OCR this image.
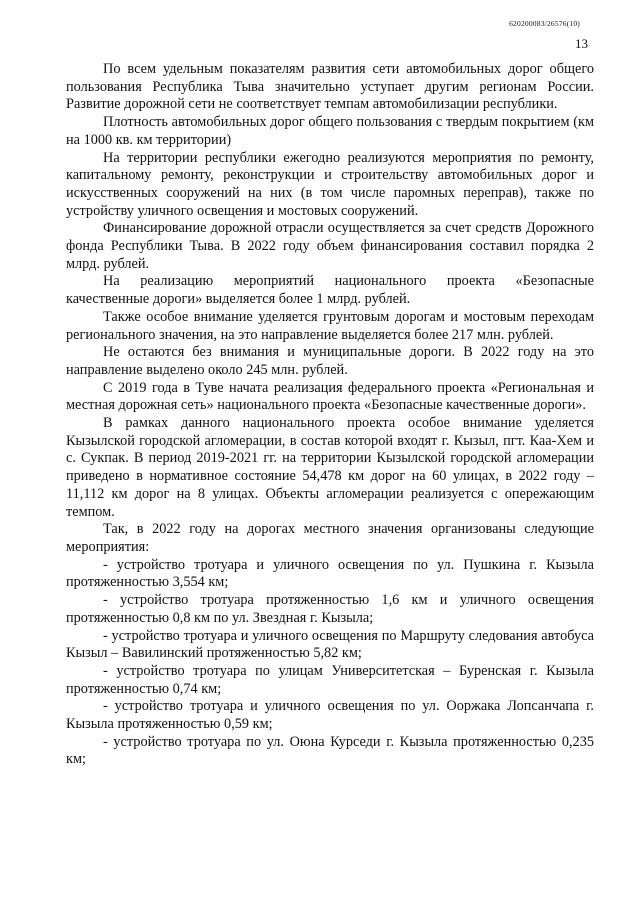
620200083/26576(10)
13

По всем удельным показателям развития сети автомобильных дорог общего пользования Республика Тыва значительно уступает другим регионам России. Развитие дорожной сети не соответствует темпам автомобилизации республики.

Плотность автомобильных дорог общего пользования с твердым покрытием (км на 1000 кв. км территории)

На территории республики ежегодно реализуются мероприятия по ремонту, капитальному ремонту, реконструкции и строительству автомобильных дорог и искусственных сооружений на них (в том числе паромных переправ), также по устройству уличного освещения и мостовых сооружений.

Финансирование дорожной отрасли осуществляется за счет средств Дорожного фонда Республики Тыва. В 2022 году объем финансирования составил порядка 2 млрд. рублей.

На реализацию мероприятий национального проекта «Безопасные качественные дороги» выделяется более 1 млрд. рублей.

Также особое внимание уделяется грунтовым дорогам и мостовым переходам регионального значения, на это направление выделяется более 217 млн. рублей.

Не остаются без внимания и муниципальные дороги. В 2022 году на это направление выделено около 245 млн. рублей.

С 2019 года в Туве начата реализация федерального проекта «Региональная и местная дорожная сеть» национального проекта «Безопасные качественные дороги».

В рамках данного национального проекта особое внимание уделяется Кызылской городской агломерации, в состав которой входят г. Кызыл, пгт. Каа-Хем и с. Сукпак. В период 2019-2021 гг. на территории Кызылской городской агломерации приведено в нормативное состояние 54,478 км дорог на 60 улицах, в 2022 году – 11,112 км дорог на 8 улицах. Объекты агломерации реализуется с опережающим темпом.

Так, в 2022 году на дорогах местного значения организованы следующие мероприятия:

- устройство тротуара и уличного освещения по ул. Пушкина г. Кызыла протяженностью 3,554 км;

- устройство тротуара протяженностью 1,6 км и уличного освещения протяженностью 0,8 км по ул. Звездная г. Кызыла;

- устройство тротуара и уличного освещения по Маршруту следования автобуса Кызыл – Вавилинский протяженностью 5,82 км;

- устройство тротуара по улицам Университетская – Буренская г. Кызыла протяженностью 0,74 км;

- устройство тротуара и уличного освещения по ул. Ооржака Лопсанчапа г. Кызыла протяженностью 0,59 км;

- устройство тротуара по ул. Оюна Курседи г. Кызыла протяженностью 0,235 км;
